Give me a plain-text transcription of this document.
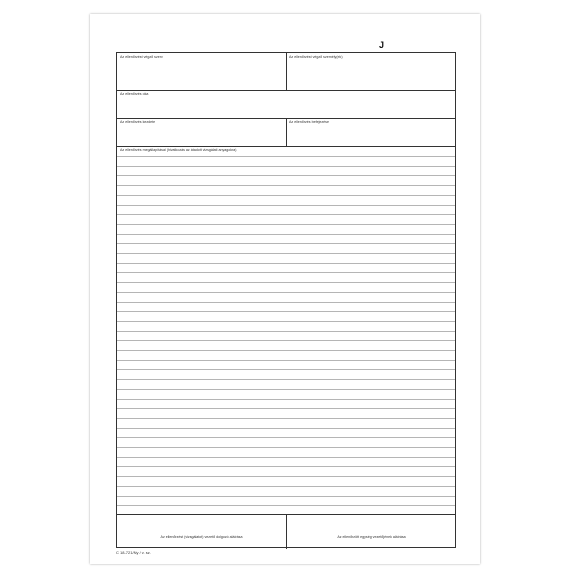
J
Az ellenőrzést végző szerv	Az ellenőrzést végző személy(ek)
Az ellenőrzés oka
Az ellenőrzés kezdete	Az ellenőrzés befejezése
Az ellenőrzés megállapításai (hivatkozás az átadott vizsgálati anyagokra)
Az ellenőrzést (vizsgálatot) vezető dolgozó aláírása	Az ellenőrzött egység vezetőjének aláírása
C 18-721/Ny / v. sz.
